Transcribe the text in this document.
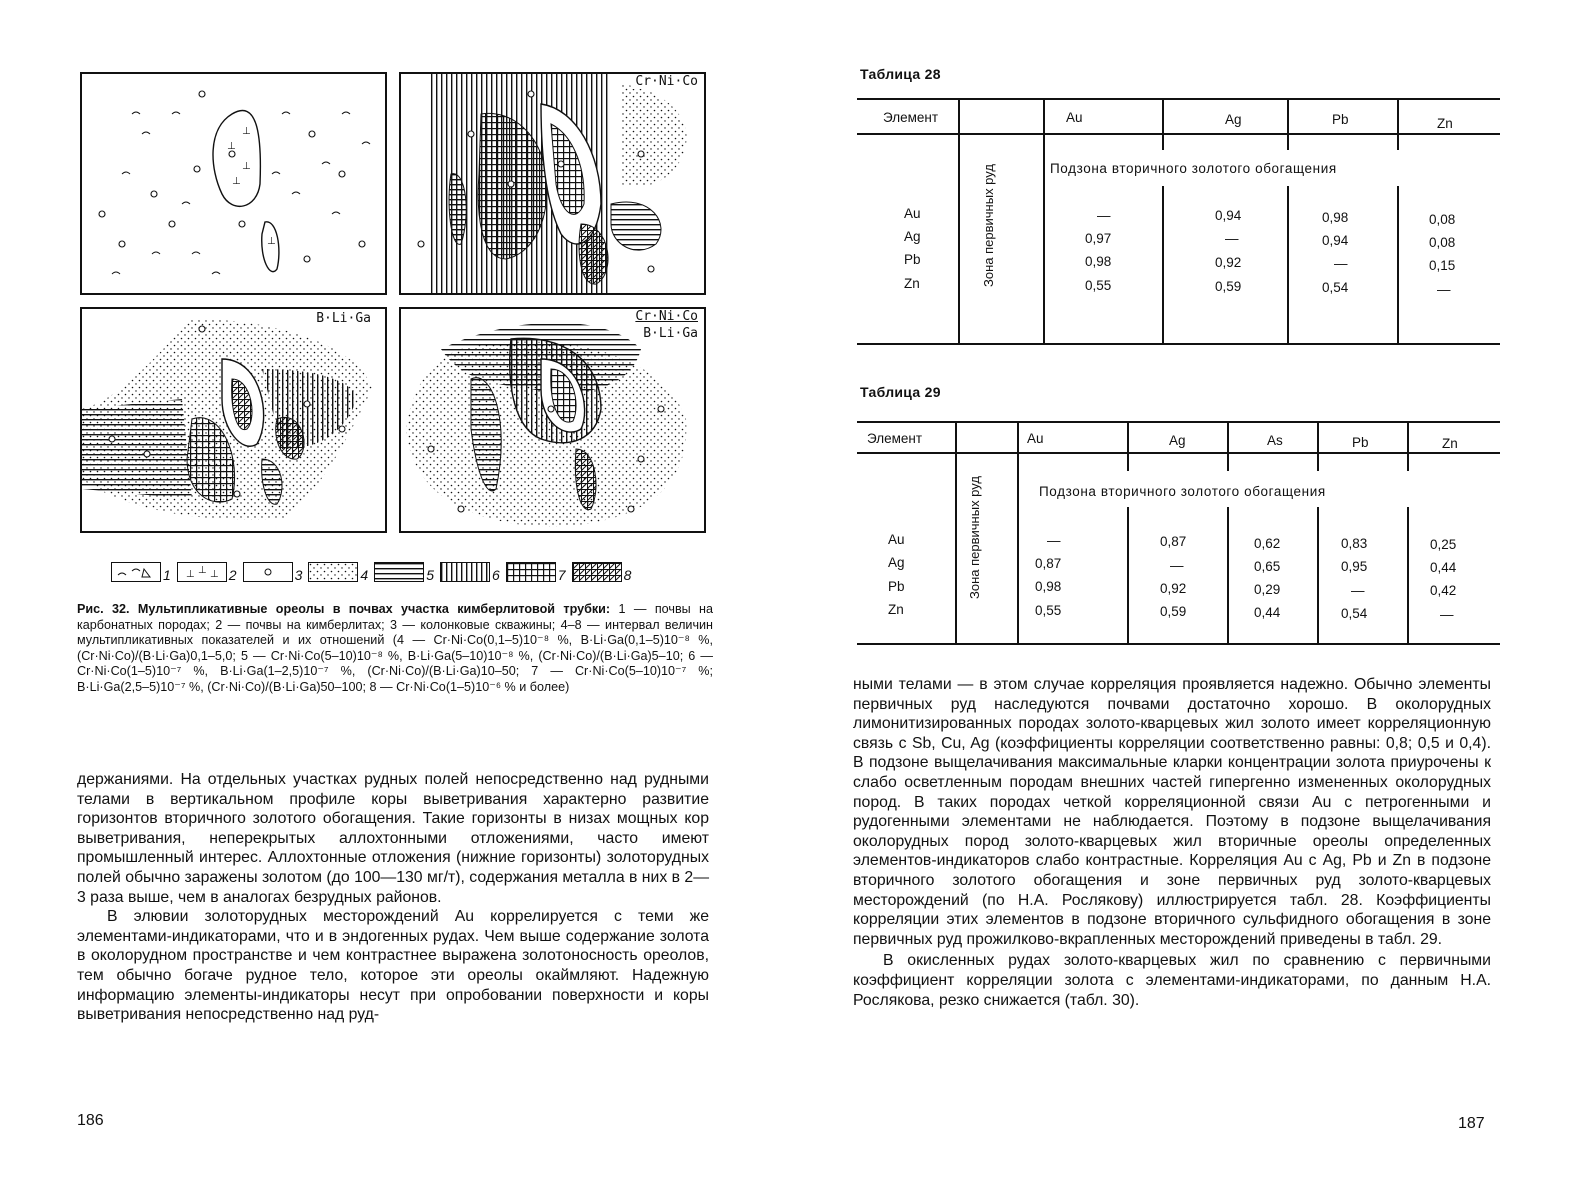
⊥
⊥
⊥
⊥
⊥
Cr·Ni·Co
B·Li·Ga	Cr·Ni·Co
B·Li·Ga
1 ⊥ ⊥ ⊥ 2	3	4	5	6	7	8
Рис. 32. Мультипликативные ореолы в почвах участка кимберлитовой трубки: 1 — почвы на карбонатных породах; 2 — почвы на кимберлитах; 3 — колонковые скважины; 4–8 — интервал величин мультипликативных показателей и их отношений (4 — Cr·Ni·Co(0,1–5)10⁻⁸ %, B·Li·Ga(0,1–5)10⁻⁸ %, (Cr·Ni·Co)/(B·Li·Ga)0,1–5,0; 5 — Cr·Ni·Co(5–10)10⁻⁸ %, B·Li·Ga(5–10)10⁻⁸ %, (Cr·Ni·Co)/(B·Li·Ga)5–10; 6 — Cr·Ni·Co(1–5)10⁻⁷ %, B·Li·Ga(1–2,5)10⁻⁷ %, (Cr·Ni·Co)/(B·Li·Ga)10–50; 7 — Cr·Ni·Co(5–10)10⁻⁷ %; B·Li·Ga(2,5–5)10⁻⁷ %, (Cr·Ni·Co)/(B·Li·Ga)50–100; 8 — Cr·Ni·Co(1–5)10⁻⁶ % и более)

держаниями. На отдельных участках рудных полей непосредственно над рудными телами в вертикальном профиле коры выветривания характерно развитие горизонтов вторичного золотого обогащения. Такие горизонты в низах мощных кор выветривания, неперекрытых аллохтонными отложениями, часто имеют промышленный интерес. Аллохтонные отложения (нижние горизонты) золоторудных полей обычно заражены золотом (до 100—130 мг/т), содержания металла в них в 2—3 раза выше, чем в аналогах безрудных районов.

В элювии золоторудных месторождений Au коррелируется с теми же элементами-индикаторами, что и в эндогенных рудах. Чем выше содержание золота в околорудном пространстве и чем контрастнее выражена золотоносность ореолов, тем обычно богаче рудное тело, которое эти ореолы окаймляют. Надежную информацию элементы-индикаторы несут при опробовании поверхности и коры выветривания непосредственно над руд-

186
Таблица 28
Элемент	Au	Ag	Pb	Zn
Подзона вторичного золотого обогащения
Зона первичных руд
Au	—	0,94	0,98	0,08
Ag	0,97	—	0,94	0,08
Pb	0,98	0,92	—	0,15
Zn	0,55	0,59	0,54	—
Таблица 29
Элемент	Au	Ag	As	Pb	Zn
Подзона вторичного золотого обогащения
Зона первичных руд
Au	—	0,87	0,62	0,83	0,25
Ag	0,87	—	0,65	0,95	0,44
Pb	0,98	0,92	0,29	—	0,42
Zn	0,55	0,59	0,44	0,54	—

ными телами — в этом случае корреляция проявляется надежно. Обычно элементы первичных руд наследуются почвами достаточно хорошо. В околорудных лимонитизированных породах золото-кварцевых жил золото имеет корреляционную связь с Sb, Cu, Ag (коэффициенты корреляции соответственно равны: 0,8; 0,5 и 0,4). В подзоне выщелачивания максимальные кларки концентрации золота приурочены к слабо осветленным породам внешних частей гипергенно измененных околорудных пород. В таких породах четкой корреляционной связи Au с петрогенными и рудогенными элементами не наблюдается. Поэтому в подзоне выщелачивания околорудных пород золото-кварцевых жил вторичные ореолы определенных элементов-индикаторов слабо контрастные. Корреляция Au с Ag, Pb и Zn в подзоне вторичного золотого обогащения и зоне первичных руд золото-кварцевых месторождений (по Н.А. Рослякову) иллюстрируется табл. 28. Коэффициенты корреляции этих элементов в подзоне вторичного сульфидного обогащения в зоне первичных руд прожилково-вкрапленных месторождений приведены в табл. 29.

В окисленных рудах золото-кварцевых жил по сравнению с первичными коэффициент корреляции золота с элементами-индикаторами, по данным Н.А. Рослякова, резко снижается (табл. 30).

187
